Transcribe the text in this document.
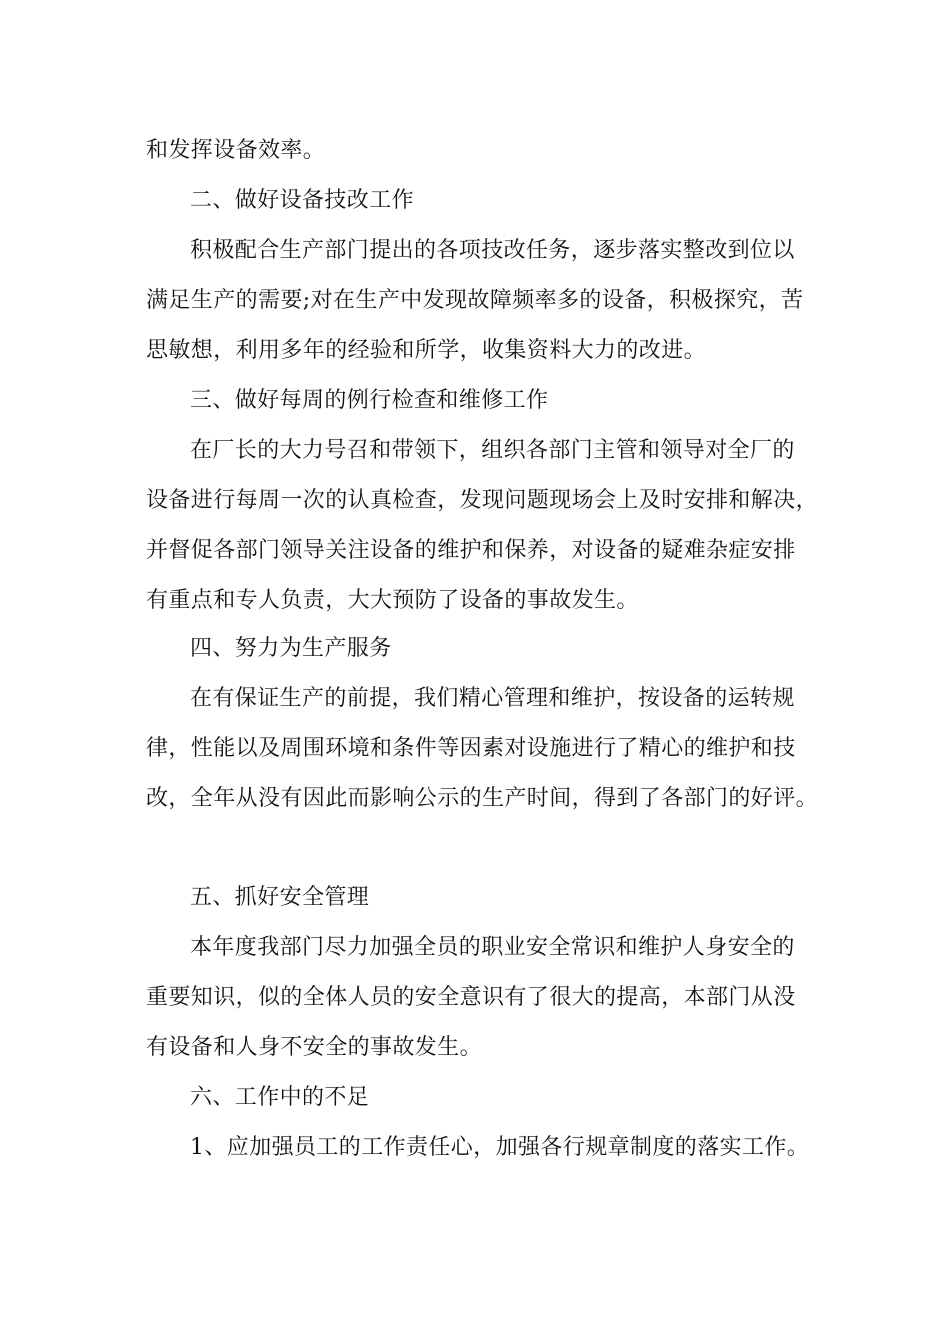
和发挥设备效率。
二、做好设备技改工作
积极配合生产部门提出的各项技改任务，逐步落实整改到位以
满足生产的需要;对在生产中发现故障频率多的设备，积极探究，苦
思敏想，利用多年的经验和所学，收集资料大力的改进。
三、做好每周的例行检查和维修工作
在厂长的大力号召和带领下，组织各部门主管和领导对全厂的
设备进行每周一次的认真检查，发现问题现场会上及时安排和解决，
并督促各部门领导关注设备的维护和保养，对设备的疑难杂症安排
有重点和专人负责，大大预防了设备的事故发生。
四、努力为生产服务
在有保证生产的前提，我们精心管理和维护，按设备的运转规
律，性能以及周围环境和条件等因素对设施进行了精心的维护和技
改，全年从没有因此而影响公示的生产时间，得到了各部门的好评。
五、抓好安全管理
本年度我部门尽力加强全员的职业安全常识和维护人身安全的
重要知识，似的全体人员的安全意识有了很大的提高，本部门从没
有设备和人身不安全的事故发生。
六、工作中的不足
1、应加强员工的工作责任心，加强各行规章制度的落实工作。
